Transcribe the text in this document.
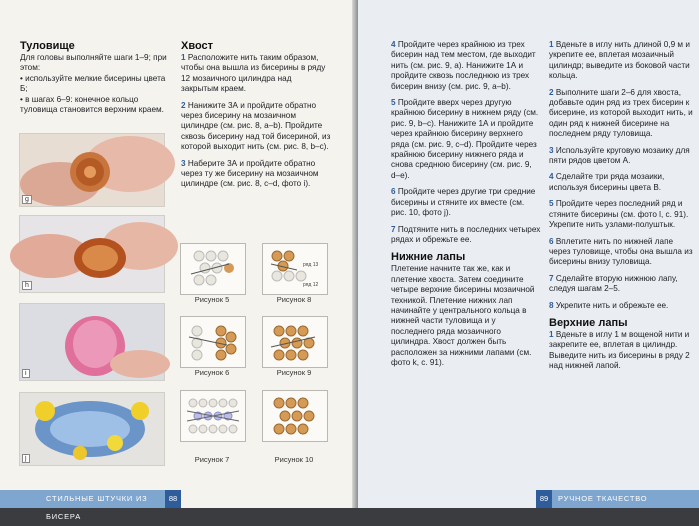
Туловище
Для головы выполняйте шаги 1–9; при этом:
• используйте мелкие бисерины цвета Б;
• в шагах 6–9: конечное кольцо туловища становится верхним краем.
g
h
i
j
Хвост

1 Расположите нить таким образом, чтобы она вышла из бисерины в ряду 12 мозаичного цилиндра над закрытым краем.

2 Нанижите 3А и пройдите обратно через бисерину на мозаичном цилиндре (см. рис. 8, a–b). Пройдите сквозь бисерину над той бисериной, из которой выходит нить (см. рис. 8, b–c).

3 Наберите 3А и пройдите обратно через ту же бисерину на мозаичном цилиндре (см. рис. 8, c–d, фото i).

Рисунок 5
ряд 13
ряд 12
Рисунок 8
Рисунок 6	Рисунок 9
Рисунок 7	Рисунок 10
СТИЛЬНЫЕ ШТУЧКИ ИЗ БИСЕРА
88

4 Пройдите через крайнюю из трех бисерин над тем местом, где выходит нить (см. рис. 9, a). Нанижите 1А и пройдите сквозь последнюю из трех бисерин внизу (см. рис. 9, a–b).

5 Пройдите вверх через другую крайнюю бисерину в нижнем ряду (см. рис. 9, b–c). Нанижите 1А и пройдите через крайнюю бисерину верхнего ряда (см. рис. 9, c–d). Пройдите через крайнюю бисерину нижнего ряда и снова среднюю бисерину (см. рис. 9, d–e).

6 Пройдите через другие три средние бисерины и стяните их вместе (см. рис. 10, фото j).

7 Подтяните нить в последних четырех рядах и обрежьте ее.

Нижние лапы

Плетение начните так же, как и плетение хвоста. Затем соедините четыре верхние бисерины мозаичной техникой. Плетение нижних лап начинайте у центрального кольца в нижней части туловища и у последнего ряда мозаичного цилиндра. Хвост должен быть расположен за нижними лапами (см. фото k, c. 91).

1 Вденьте в иглу нить длиной 0,9 м и укрепите ее, вплетая мозаичный цилиндр; выведите из боковой части кольца.

2 Выполните шаги 2–6 для хвоста, добавьте один ряд из трех бисерин к бисерине, из которой выходит нить, и один ряд к нижней бисерине на последнем ряду туловища.

3 Используйте круговую мозаику для пяти рядов цветом А.

4 Сделайте три ряда мозаики, используя бисерины цвета В.

5 Пройдите через последний ряд и стяните бисерины (см. фото l, c. 91). Укрепите нить узлами-полуштык.

6 Вплетите нить по нижней лапе через туловище, чтобы она вышла из бисерины внизу туловища.

7 Сделайте вторую нижнюю лапу, следуя шагам 2–5.

8 Укрепите нить и обрежьте ее.

Верхние лапы

1 Вденьте в иглу 1 м вощеной нити и закрепите ее, вплетая в цилиндр. Выведите нить из бисерины в ряду 2 над нижней лапой.

89	РУЧНОЕ ТКАЧЕСТВО
